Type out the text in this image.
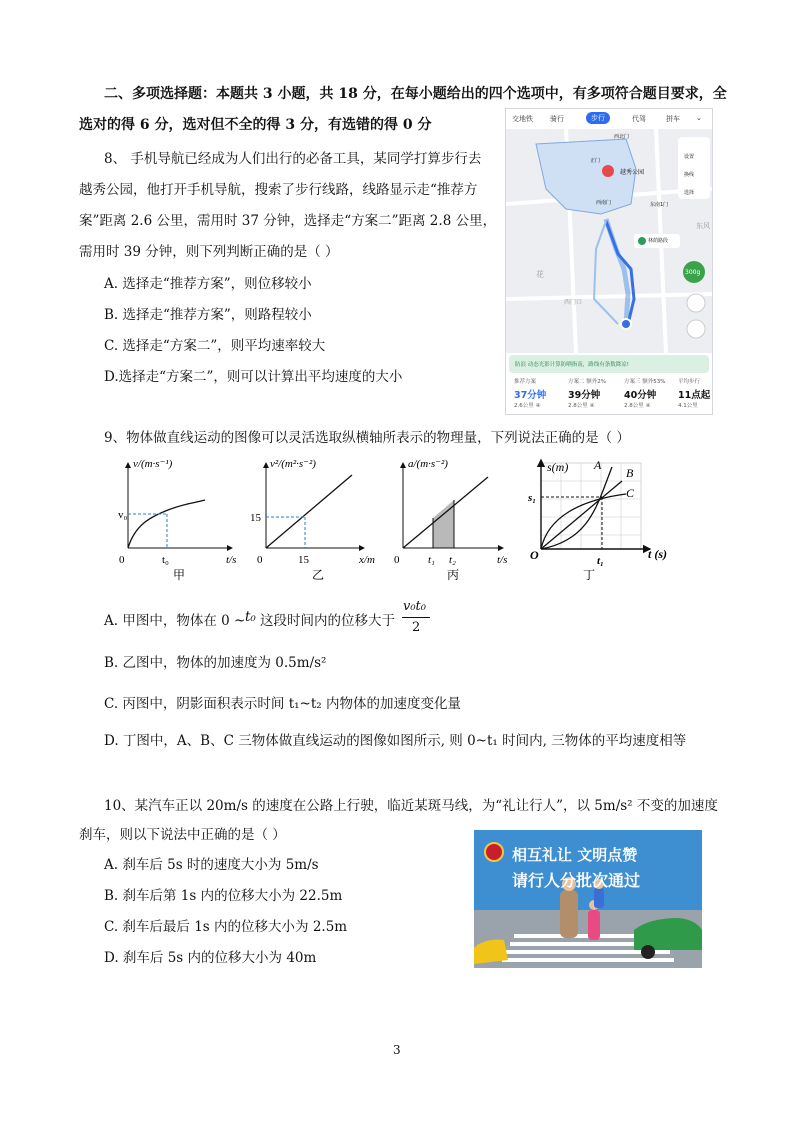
二、多项选择题：本题共 3 小题，共 18 分，在每小题给出的四个选项中，有多项符合题目要求，全
选对的得 6 分，选对但不全的得 3 分，有选错的得 0 分
8、 手机导航已经成为人们出行的必备工具，某同学打算步行去
越秀公园，他打开手机导航，搜索了步行线路，线路显示走“推荐方
案”距离 2.6 公里，需用时 37 分钟，选择走“方案二”距离 2.8 公里，
需用时 39 分钟，则下列判断正确的是（ ）
A. 选择走“推荐方案”，则位移较小
B. 选择走“推荐方案”，则路程较小
C. 选择走“方案二”，则平均速率较大
D.选择走“方案二”，则可以计算出平均速度的大小
交地铁 骑行	步行	代驾	拼车 ⌄
设置
换线
选择
西北门
越秀公园
正门
西南门	东南1门
林荫路段
西门口
东风
花	300g
防浪 动态光影计算防晒指南，路线有条数降凉!
推荐方案
37分钟
2.6公里 ④
方案二 额外2%
39分钟
2.8公里 ④
方案三 额外53%
40分钟
2.8公里 ④
平均步行
11点起
4.1公里
9、物体做直线运动的图像可以灵活选取纵横轴所表示的物理量，下列说法正确的是（ ）
v/(m·s⁻¹)
v₀
t₀
0	t/s
甲
v²/(m²·s⁻²)
15
15
0	x/m
乙
a/(m·s⁻²)
t₁ t₂
0	t/s
丙
s(m)
s₁
t₁
O
A
B
C
t (s)
丁
A. 甲图中，物体在 0 ~ t₀ 这段时间内的位移大于
v₀t₀
2
B. 乙图中，物体的加速度为 0.5m/s²
C. 丙图中，阴影面积表示时间 t₁~t₂ 内物体的加速度变化量
D. 丁图中，A、B、C 三物体做直线运动的图像如图所示, 则 0~t₁ 时间内, 三物体的平均速度相等
10、某汽车正以 20m/s 的速度在公路上行驶，临近某斑马线，为“礼让行人”，以 5m/s² 不变的加速度
刹车，则以下说法中正确的是（ ）
A. 刹车后 5s 时的速度大小为 5m/s
B. 刹车后第 1s 内的位移大小为 22.5m
C. 刹车后最后 1s 内的位移大小为 2.5m
D. 刹车后 5s 内的位移大小为 40m
相互礼让 文明点赞
请行人分批次通过
3
